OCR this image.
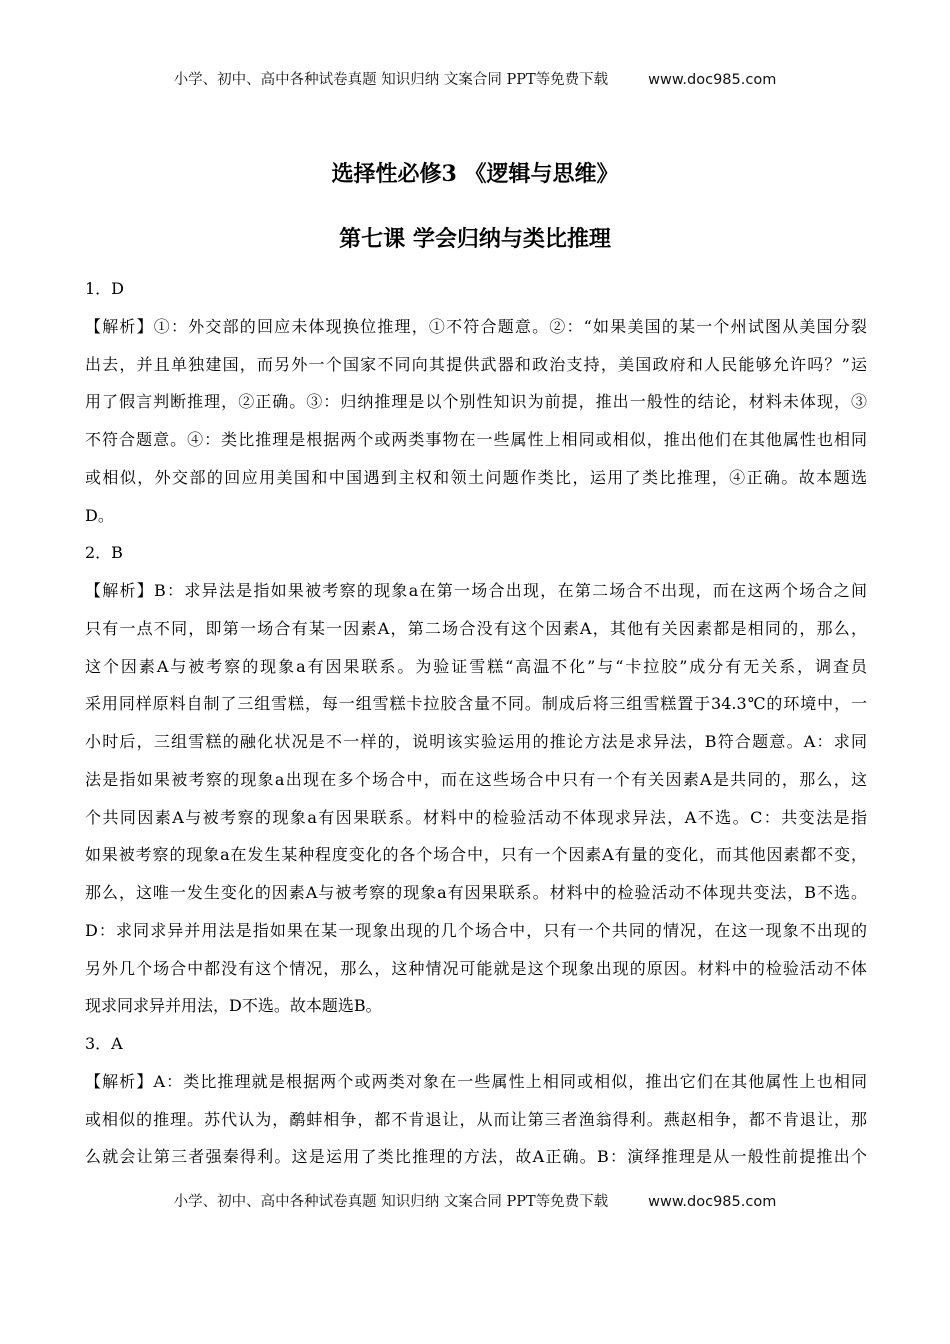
小学、初中、高中各种试卷真题 知识归纳 文案合同 PPT等免费下载	www.doc985.com
选择性必修3 《逻辑与思维》
第七课 学会归纳与类比推理
1．D
【解析】①：外交部的回应未体现换位推理，①不符合题意。②：“如果美国的某一个州试图从美国分裂
出去，并且单独建国，而另外一个国家不同向其提供武器和政治支持，美国政府和人民能够允许吗？”运
用了假言判断推理，②正确。③：归纳推理是以个别性知识为前提，推出一般性的结论，材料未体现，③
不符合题意。④：类比推理是根据两个或两类事物在一些属性上相同或相似，推出他们在其他属性也相同
或相似，外交部的回应用美国和中国遇到主权和领土问题作类比，运用了类比推理，④正确。故本题选
D。
2．B
【解析】B：求异法是指如果被考察的现象a在第一场合出现，在第二场合不出现，而在这两个场合之间
只有一点不同，即第一场合有某一因素A，第二场合没有这个因素A，其他有关因素都是相同的，那么，
这个因素A与被考察的现象a有因果联系。为验证雪糕“高温不化”与“卡拉胶”成分有无关系，调查员
采用同样原料自制了三组雪糕，每一组雪糕卡拉胶含量不同。制成后将三组雪糕置于34.3℃的环境中，一
小时后，三组雪糕的融化状况是不一样的，说明该实验运用的推论方法是求异法，B符合题意。A：求同
法是指如果被考察的现象a出现在多个场合中，而在这些场合中只有一个有关因素A是共同的，那么，这
个共同因素A与被考察的现象a有因果联系。材料中的检验活动不体现求异法，A不选。C：共变法是指
如果被考察的现象a在发生某种程度变化的各个场合中，只有一个因素A有量的变化，而其他因素都不变，
那么，这唯一发生变化的因素A与被考察的现象a有因果联系。材料中的检验活动不体现共变法，B不选。
D：求同求异并用法是指如果在某一现象出现的几个场合中，只有一个共同的情况，在这一现象不出现的
另外几个场合中都没有这个情况，那么，这种情况可能就是这个现象出现的原因。材料中的检验活动不体
现求同求异并用法，D不选。故本题选B。
3．A
【解析】A：类比推理就是根据两个或两类对象在一些属性上相同或相似，推出它们在其他属性上也相同
或相似的推理。苏代认为，鹬蚌相争，都不肯退让，从而让第三者渔翁得利。燕赵相争，都不肯退让，那
么就会让第三者强秦得利。这是运用了类比推理的方法，故A正确。B：演绎推理是从一般性前提推出个
小学、初中、高中各种试卷真题 知识归纳 文案合同 PPT等免费下载	www.doc985.com
